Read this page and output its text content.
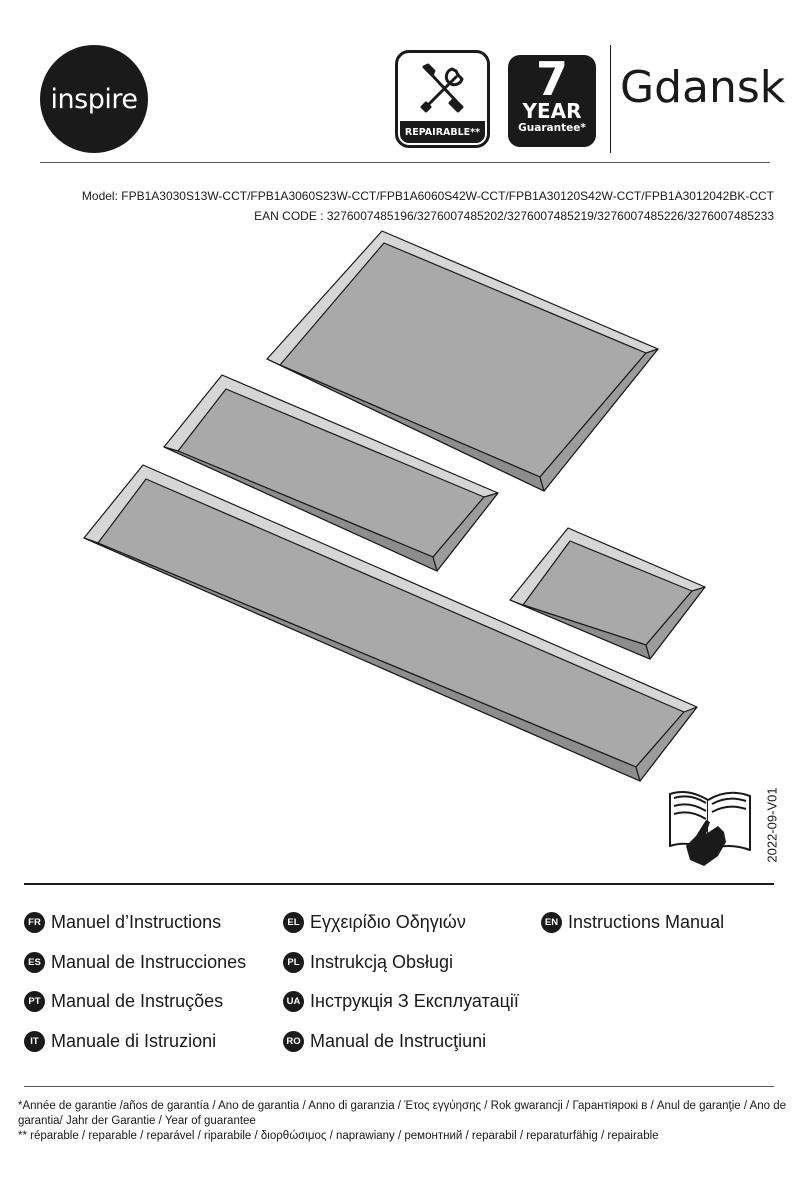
inspire
REPAIRABLE**
7
YEAR
Guarantee*
Gdansk
Model: FPB1A3030S13W-CCT/FPB1A3060S23W-CCT/FPB1A6060S42W-CCT/FPB1A30120S42W-CCT/FPB1A3012042BK-CCT
EAN CODE : 3276007485196/3276007485202/3276007485219/3276007485226/3276007485233
2022-09-V01
FR Manuel d’Instructions	EL Εγχειρίδιο Οδηγιών	EN Instructions Manual
ES Manual de Instrucciones	PL Instrukcją Obsługi
PT Manual de Instruções	UA Інструкція З Експлуатації
IT Manuale di Istruzioni	RO Manual de Instrucţiuni
*Année de garantie /años de garantía / Ano de garantia / Anno di garanzia / Έτος εγγύησης / Rok gwarancji / Гарантіярокі в / Anul de garanţie / Ano de garantia/ Jahr der Garantie / Year of guarantee
** réparable / reparable / reparável / riparabile / διορθώσιμος / naprawiany / ремонтний / reparabil / reparaturfähig / repairable
